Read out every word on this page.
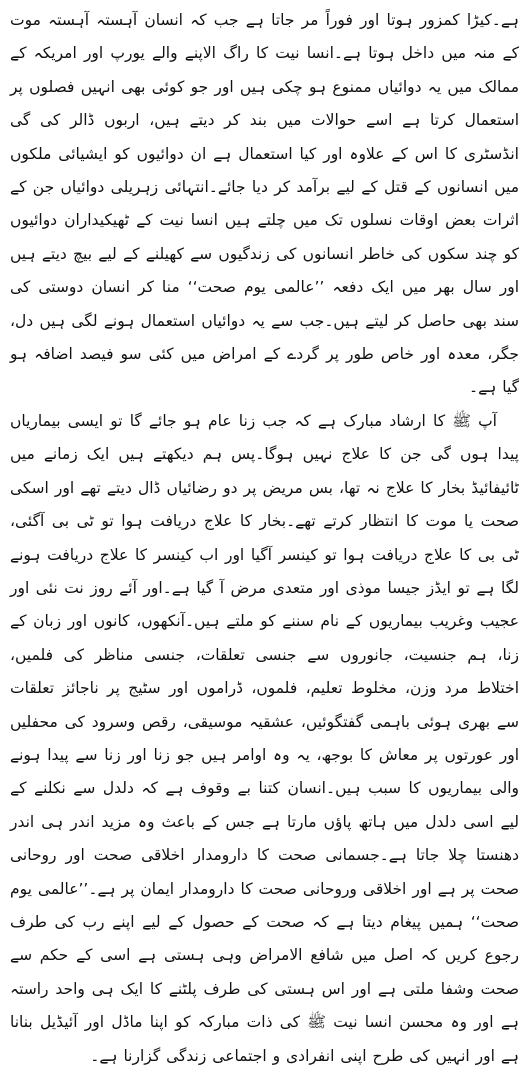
ہے۔کیڑا کمزور ہوتا اور فوراً مر جاتا ہے جب کہ انسان آہستہ آہستہ موت کے منہ میں داخل ہوتا ہے۔انسا نیت کا راگ الاپنے والے یورپ اور امریکہ کے ممالک میں یہ دوائیاں ممنوع ہو چکی ہیں اور جو کوئی بھی انہیں فصلوں پر استعمال کرتا ہے اسے حوالات میں بند کر دیتے ہیں، اربوں ڈالر کی گی انڈسٹری کا اس کے علاوہ اور کیا استعمال ہے ان دوائیوں کو ایشیائی ملکوں میں انسانوں کے قتل کے لیے برآمد کر دیا جائے۔انتہائی زہریلی دوائیاں جن کے اثرات بعض اوقات نسلوں تک میں چلتے ہیں انسا نیت کے ٹھیکیداران دوائیوں کو چند سکوں کی خاطر انسانوں کی زندگیوں سے کھیلنے کے لیے بیچ دیتے ہیں اور سال بھر میں ایک دفعہ ’’عالمی یوم صحت‘‘ منا کر انسان دوستی کی سند بھی حاصل کر لیتے ہیں۔جب سے یہ دوائیاں استعمال ہونے لگی ہیں دل، جگر، معدہ اور خاص طور پر گردے کے امراض میں کئی سو فیصد اضافہ ہو گیا ہے۔

آپ ﷺ کا ارشاد مبارک ہے کہ جب زنا عام ہو جائے گا تو ایسی بیماریاں پیدا ہوں گی جن کا علاج نہیں ہوگا۔پس ہم دیکھتے ہیں ایک زمانے میں ٹائیفائیڈ بخار کا علاج نہ تھا، بس مریض پر دو رضائیاں ڈال دیتے تھے اور اسکی صحت یا موت کا انتظار کرتے تھے۔بخار کا علاج دریافت ہوا تو ٹی بی آگئی، ٹی بی کا علاج دریافت ہوا تو کینسر آگیا اور اب کینسر کا علاج دریافت ہونے لگا ہے تو ایڈز جیسا موذی اور متعدی مرض آ گیا ہے۔اور آئے روز نت نئی اور عجیب وغریب بیماریوں کے نام سننے کو ملتے ہیں۔آنکھوں، کانوں اور زبان کے زنا، ہم جنسیت، جانوروں سے جنسی تعلقات، جنسی مناظر کی فلمیں، اختلاط مرد وزن، مخلوط تعلیم، فلموں، ڈراموں اور سٹیج پر ناجائز تعلقات سے بھری ہوئی باہمی گفتگوئیں، عشقیہ موسیقی، رقص وسرود کی محفلیں اور عورتوں پر معاش کا بوجھ، یہ وہ اوامر ہیں جو زنا اور زنا سے پیدا ہونے والی بیماریوں کا سبب ہیں۔انسان کتنا بے وقوف ہے کہ دلدل سے نکلنے کے لیے اسی دلدل میں ہاتھ پاؤں مارتا ہے جس کے باعث وہ مزید اندر ہی اندر دھنستا چلا جاتا ہے۔جسمانی صحت کا دارومدار اخلاقی صحت اور روحانی صحت پر ہے اور اخلاقی وروحانی صحت کا دارومدار ایمان پر ہے۔’’عالمی یوم صحت‘‘ ہمیں پیغام دیتا ہے کہ صحت کے حصول کے لیے اپنے رب کی طرف رجوع کریں کہ اصل میں شافع الامراض وہی ہستی ہے اسی کے حکم سے صحت وشفا ملتی ہے اور اس ہستی کی طرف پلٹنے کا ایک ہی واحد راستہ ہے اور وہ محسن انسا نیت ﷺ کی ذات مبارکہ کو اپنا ماڈل اور آئیڈیل بنانا ہے اور انہیں کی طرح اپنی انفرادی و اجتماعی زندگی گزارنا ہے۔
